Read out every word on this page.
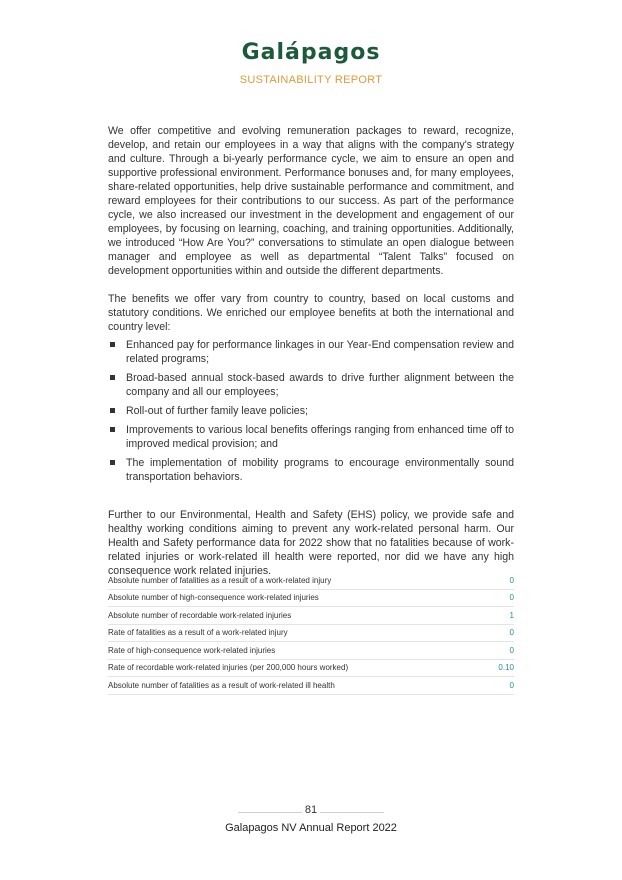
Galápagos
SUSTAINABILITY REPORT

We offer competitive and evolving remuneration packages to reward, recognize, develop, and retain our employees in a way that aligns with the company's strategy and culture. Through a bi-yearly performance cycle, we aim to ensure an open and supportive professional environment. Performance bonuses and, for many employees, share-related opportunities, help drive sustainable performance and commitment, and reward employees for their contributions to our success. As part of the performance cycle, we also increased our investment in the development and engagement of our employees, by focusing on learning, coaching, and training opportunities. Additionally, we introduced “How Are You?” conversations to stimulate an open dialogue between manager and employee as well as departmental “Talent Talks” focused on development opportunities within and outside the different departments.

The benefits we offer vary from country to country, based on local customs and statutory conditions. We enriched our employee benefits at both the international and country level:

Enhanced pay for performance linkages in our Year-End compensation review and related programs;
Broad-based annual stock-based awards to drive further alignment between the company and all our employees;
Roll-out of further family leave policies;
Improvements to various local benefits offerings ranging from enhanced time off to improved medical provision; and
The implementation of mobility programs to encourage environmentally sound transportation behaviors.

Further to our Environmental, Health and Safety (EHS) policy, we provide safe and healthy working conditions aiming to prevent any work-related personal harm. Our Health and Safety performance data for 2022 show that no fatalities because of work-related injuries or work-related ill health were reported, nor did we have any high consequence work related injuries.

Absolute number of fatalities as a result of a work-related injury	0
Absolute number of high-consequence work-related injuries	0
Absolute number of recordable work-related injuries	1
Rate of fatalities as a result of a work-related injury	0
Rate of high-consequence work-related injuries	0
Rate of recordable work-related injuries (per 200,000 hours worked)	0.10
Absolute number of fatalities as a result of work-related ill health	0
81
Galapagos NV Annual Report 2022
